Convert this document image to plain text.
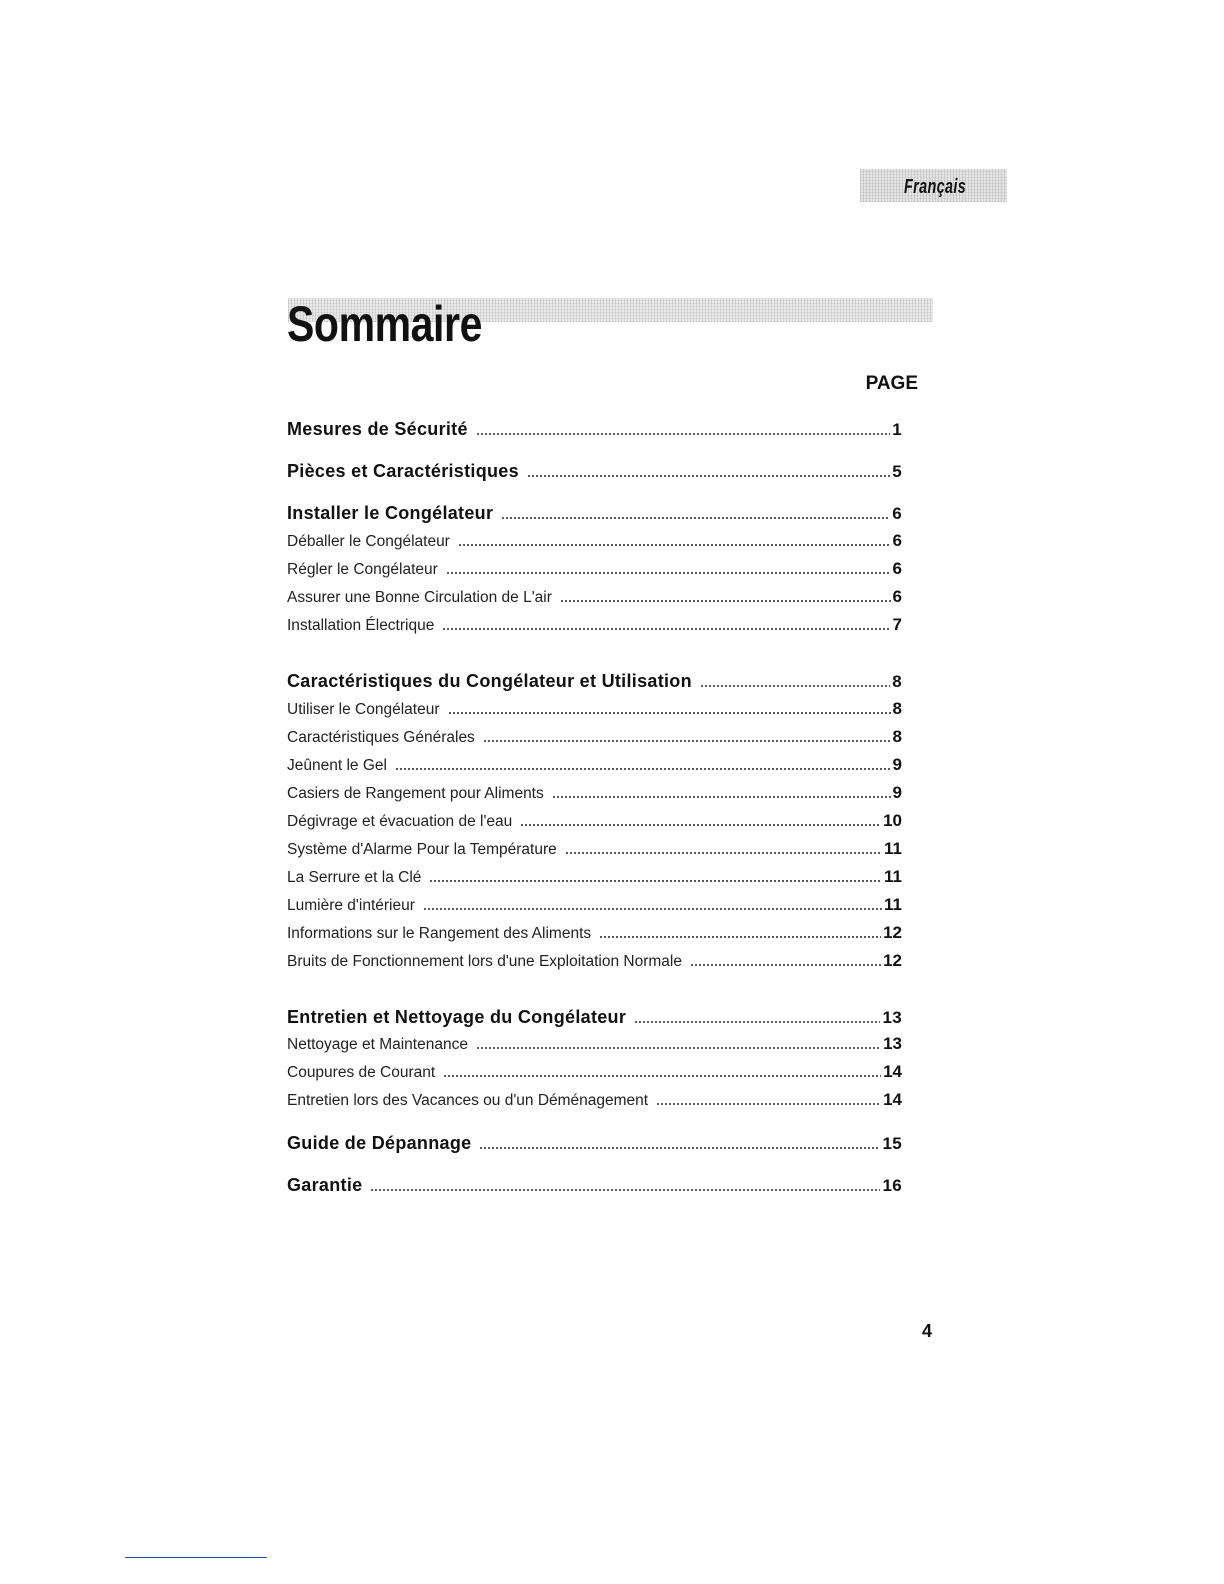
Français
Sommaire
PAGE
Mesures de Sécurité	1
Pièces et Caractéristiques	5
Installer le Congélateur	6
Déballer le Congélateur	6
Régler le Congélateur	6
Assurer une Bonne Circulation de L'air	6
Installation Électrique	7
Caractéristiques du Congélateur et Utilisation	8
Utiliser le Congélateur	8
Caractéristiques Générales	8
Jeûnent le Gel	9
Casiers de Rangement pour Aliments	9
Dégivrage et évacuation de l'eau	10
Système d'Alarme Pour la Température	11
La Serrure et la Clé	11
Lumière d'intérieur	11
Informations sur le Rangement des Aliments	12
Bruits de Fonctionnement lors d'une Exploitation Normale	12
Entretien et Nettoyage du Congélateur	13
Nettoyage et Maintenance	13
Coupures de Courant	14
Entretien lors des Vacances ou d'un Déménagement	14
Guide de Dépannage	15
Garantie	16
4
